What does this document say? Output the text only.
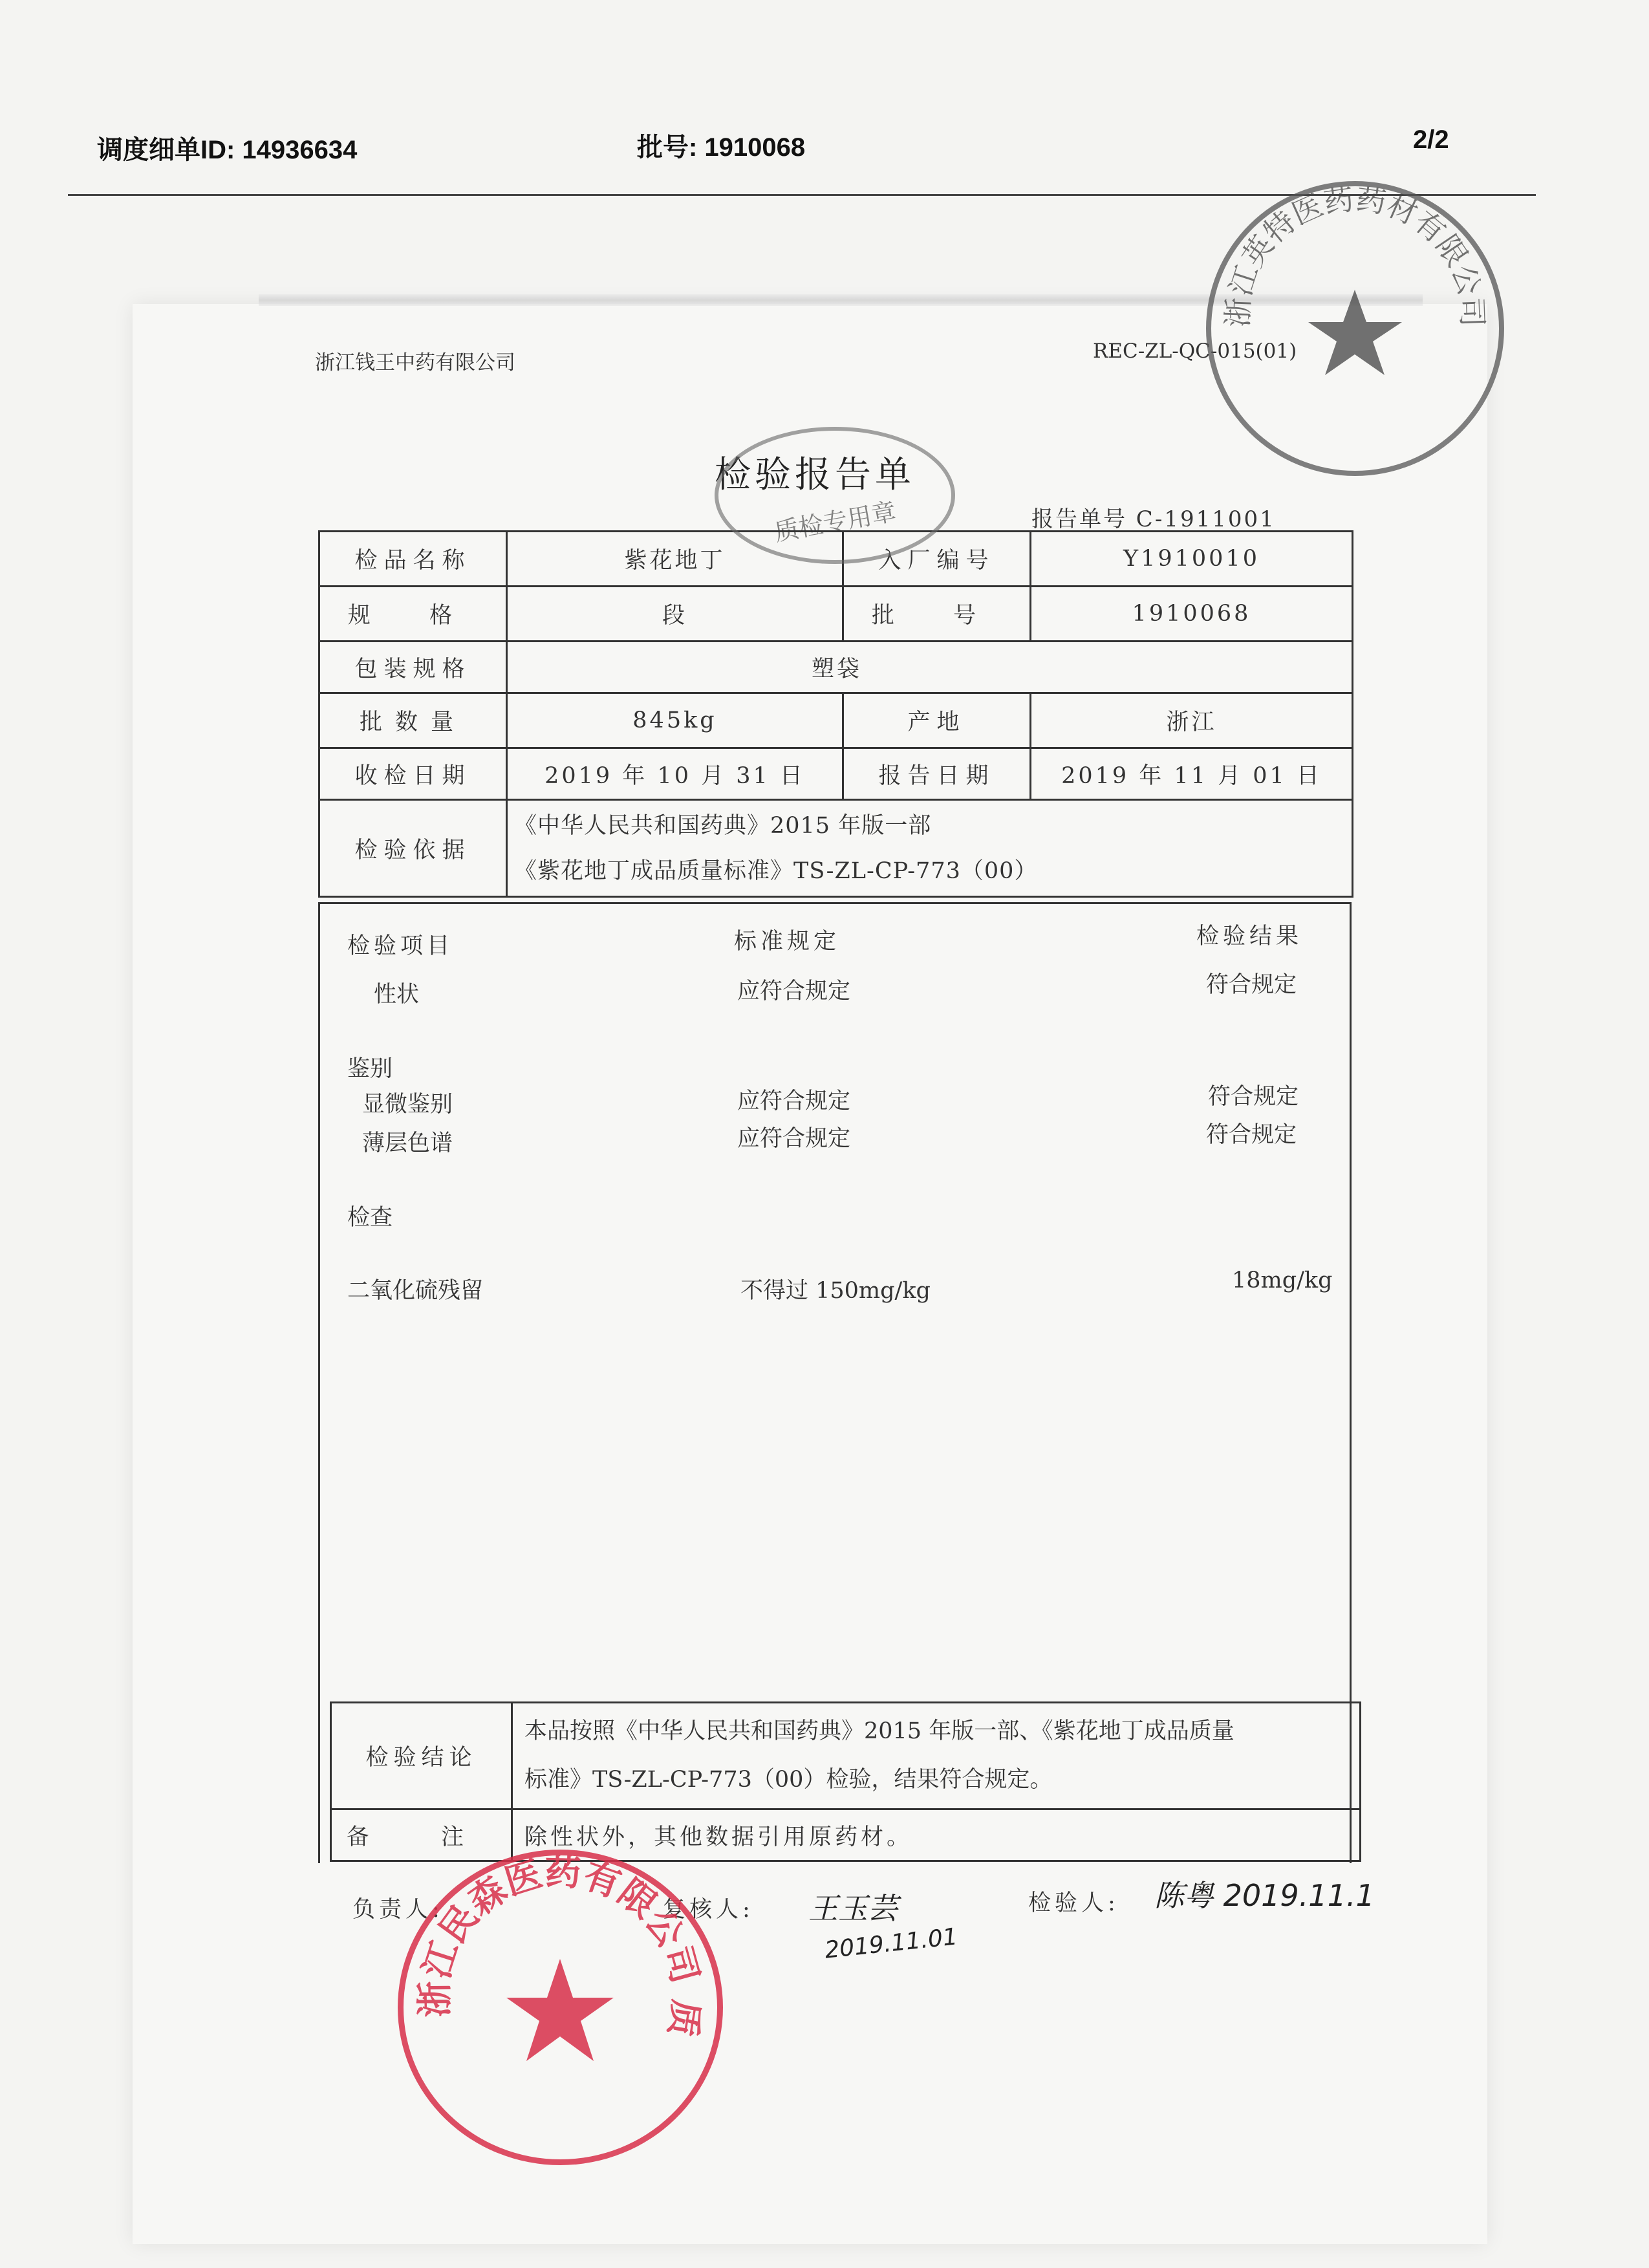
调度细单ID: 14936634	批号: 1910068	2/2
浙江钱王中药有限公司	REC-ZL-QC-015(01)
检验报告单
报告单号 C-1911001
检品名称	紫花地丁	入厂编号	Y1910010
规 格	段	批 号	1910068
包装规格	塑袋		
批数量	845kg	产地	浙江
收检日期	2019 年 10 月 31 日	报告日期	2019 年 11 月 01 日
检验依据	《中华人民共和国药典》2015 年版一部
《紫花地丁成品质量标准》TS-ZL-CP-773（00）		
检验项目	标准规定	检验结果
性状	应符合规定	符合规定
鉴别
显微鉴别	应符合规定	符合规定
薄层色谱	应符合规定	符合规定
检查
二氧化硫残留	不得过 150mg/kg	18mg/kg
检验结论	本品按照《中华人民共和国药典》2015 年版一部、《紫花地丁成品质量
标准》TS-ZL-CP-773（00）检验，结果符合规定。

备 注	除性状外，其他数据引用原药材。
负责人:	复核人: 王玉芸
2019.11.01
检验人: 陈粤 2019.11.1
浙江英特医药药材有限公司
质检专用章
浙江民森医药有限公司 质
